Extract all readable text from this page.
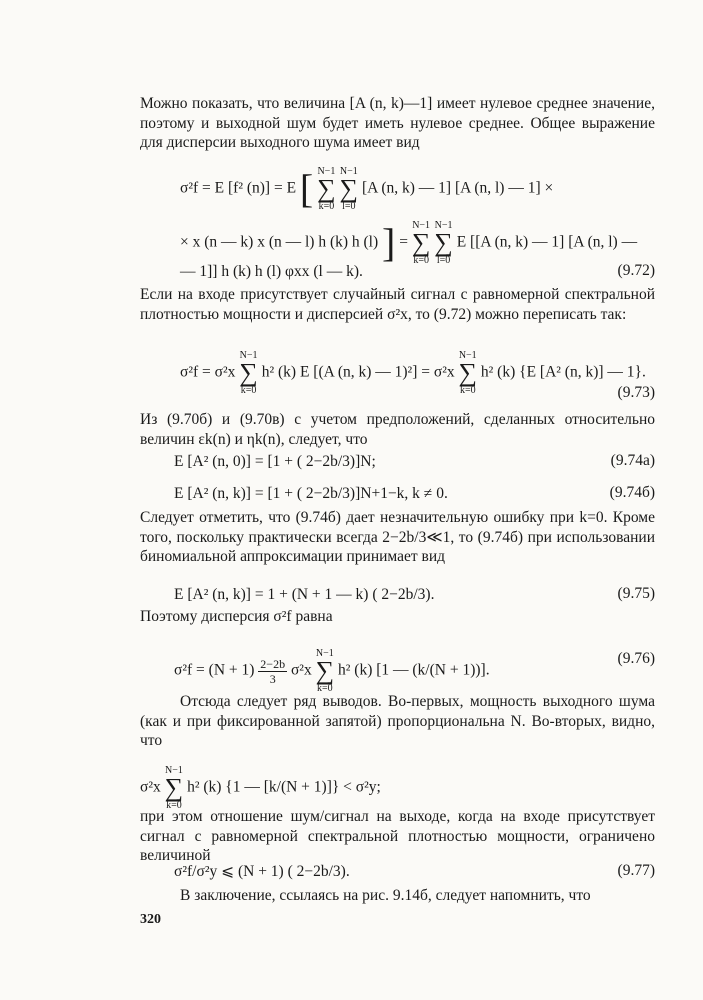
Можно показать, что величина [A (n, k)—1] имеет нулевое среднее значение, поэтому и выходной шум будет иметь нулевое среднее. Общее выражение для дисперсии выходного шума имеет вид
σ²f = E [f² (n)] = E [ N−1
∑
k=0 N−1
∑
l=0 [A (n, k) — 1] [A (n, l) — 1] ×
× x (n — k) x (n — l) h (k) h (l) ] = N−1
∑
k=0 N−1
∑
l=0 E [[A (n, k) — 1] [A (n, l) —
— 1]] h (k) h (l) φxx (l — k).	(9.72)
Если на входе присутствует случайный сигнал с равномерной спектральной плотностью мощности и дисперсией σ²x, то (9.72) можно переписать так:
σ²f = σ²x N−1
∑
k=0 h² (k) E [(A (n, k) — 1)²] = σ²x N−1
∑
k=0 h² (k) {E [A² (n, k)] — 1}.
(9.73)
Из (9.70б) и (9.70в) с учетом предположений, сделанных относительно величин εk(n) и ηk(n), следует, что
E [A² (n, 0)] = [1 + ( 2−2b/3)]N;	(9.74а)
E [A² (n, k)] = [1 + ( 2−2b/3)]N+1−k, k ≠ 0.	(9.74б)
Следует отметить, что (9.74б) дает незначительную ошибку при k=0. Кроме того, поскольку практически всегда 2−2b/3≪1, то (9.74б) при использовании биномиальной аппроксимации принимает вид
E [A² (n, k)] = 1 + (N + 1 — k) ( 2−2b/3).	(9.75)
Поэтому дисперсия σ²f равна
$\sigma^2f = (N + 1) \frac{2-2b}{3} \sigma^2x$ N−1
∑
k=0 h² (k) [1 — (k/(N + 1))].
(9.76)
Отсюда следует ряд выводов. Во-первых, мощность выходного шума (как и при фиксированной запятой) пропорциональна N. Во-вторых, видно, что
σ²x N−1
∑
k=0 h² (k) {1 — [k/(N + 1)]} < σ²y;
при этом отношение шум/сигнал на выходе, когда на входе присутствует сигнал с равномерной спектральной плотностью мощности, ограничено величиной
σ²f/σ²y ⩽ (N + 1) ( 2−2b/3).	(9.77)
В заключение, ссылаясь на рис. 9.14б, следует напомнить, что
320
